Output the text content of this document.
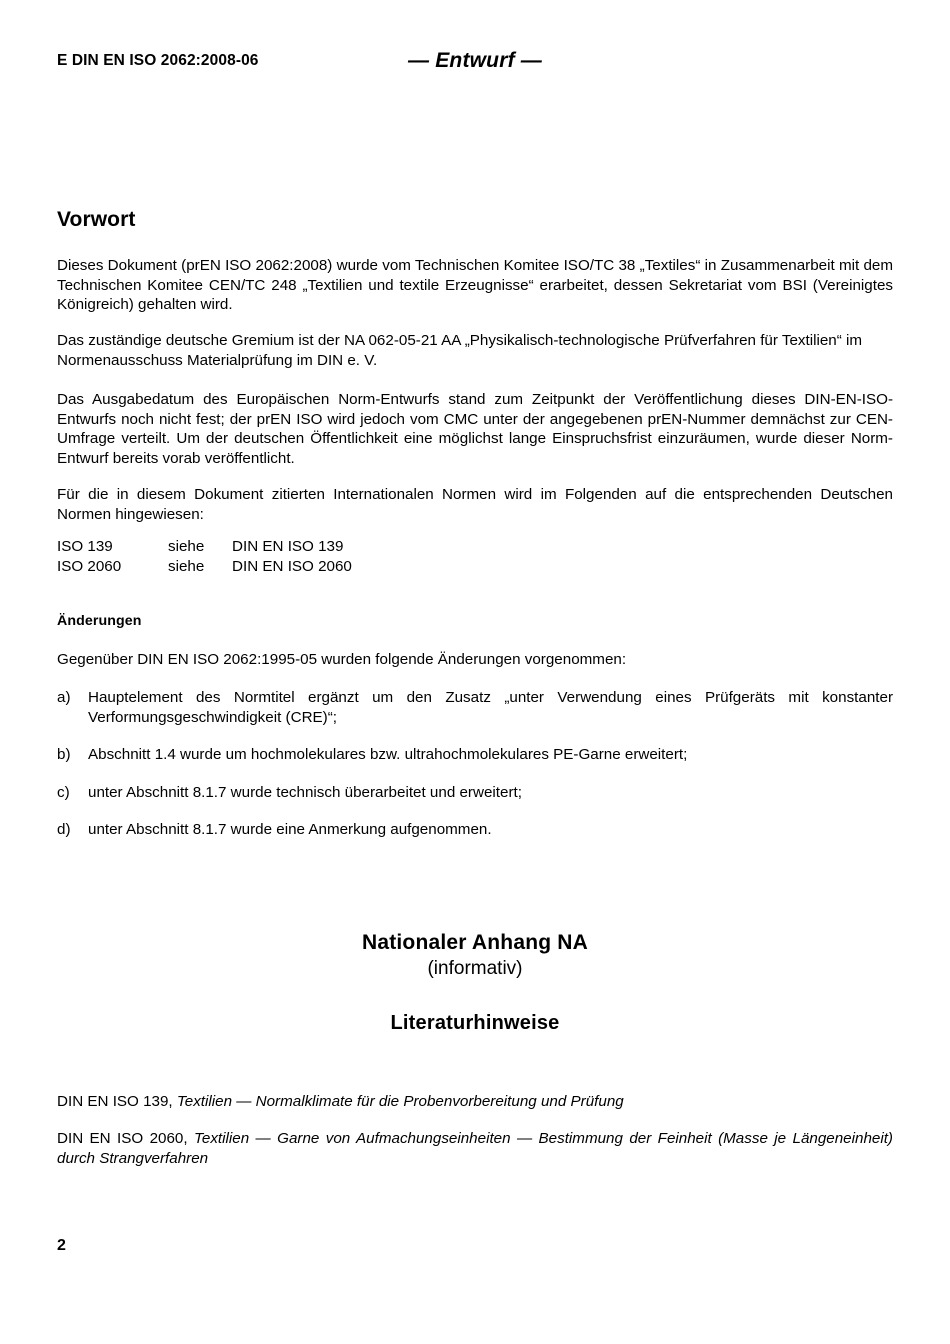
E DIN EN ISO 2062:2008-06	— Entwurf —
Vorwort

Dieses Dokument (prEN ISO 2062:2008) wurde vom Technischen Komitee ISO/TC 38 „Textiles“ in Zusammenarbeit mit dem Technischen Komitee CEN/TC 248 „Textilien und textile Erzeugnisse“ erarbeitet, dessen Sekretariat vom BSI (Vereinigtes Königreich) gehalten wird.

Das zuständige deutsche Gremium ist der NA 062-05-21 AA „Physikalisch-technologische Prüfverfahren für Textilien“ im Normenausschuss Materialprüfung im DIN e. V.

Das Ausgabedatum des Europäischen Norm-Entwurfs stand zum Zeitpunkt der Veröffentlichung dieses DIN-EN-ISO-Entwurfs noch nicht fest; der prEN ISO wird jedoch vom CMC unter der angegebenen prEN-Nummer demnächst zur CEN-Umfrage verteilt. Um der deutschen Öffentlichkeit eine möglichst lange Einspruchsfrist einzuräumen, wurde dieser Norm-Entwurf bereits vorab veröffentlicht.

Für die in diesem Dokument zitierten Internationalen Normen wird im Folgenden auf die entsprechenden Deutschen Normen hingewiesen:

ISO 139	siehe	DIN EN ISO 139
ISO 2060	siehe	DIN EN ISO 2060
Änderungen

Gegenüber DIN EN ISO 2062:1995-05 wurden folgende Änderungen vorgenommen:

a)	Hauptelement des Normtitel ergänzt um den Zusatz „unter Verwendung eines Prüfgeräts mit konstanter Verformungsgeschwindigkeit (CRE)“;
b)	Abschnitt 1.4 wurde um hochmolekulares bzw. ultrahochmolekulares PE-Garne erweitert;
c)	unter Abschnitt 8.1.7 wurde technisch überarbeitet und erweitert;
d)	unter Abschnitt 8.1.7 wurde eine Anmerkung aufgenommen.
Nationaler Anhang NA
(informativ)
Literaturhinweise

DIN EN ISO 139, Textilien — Normalklimate für die Probenvorbereitung und Prüfung

DIN EN ISO 2060, Textilien — Garne von Aufmachungseinheiten — Bestimmung der Feinheit (Masse je Längeneinheit) durch Strangverfahren

2
